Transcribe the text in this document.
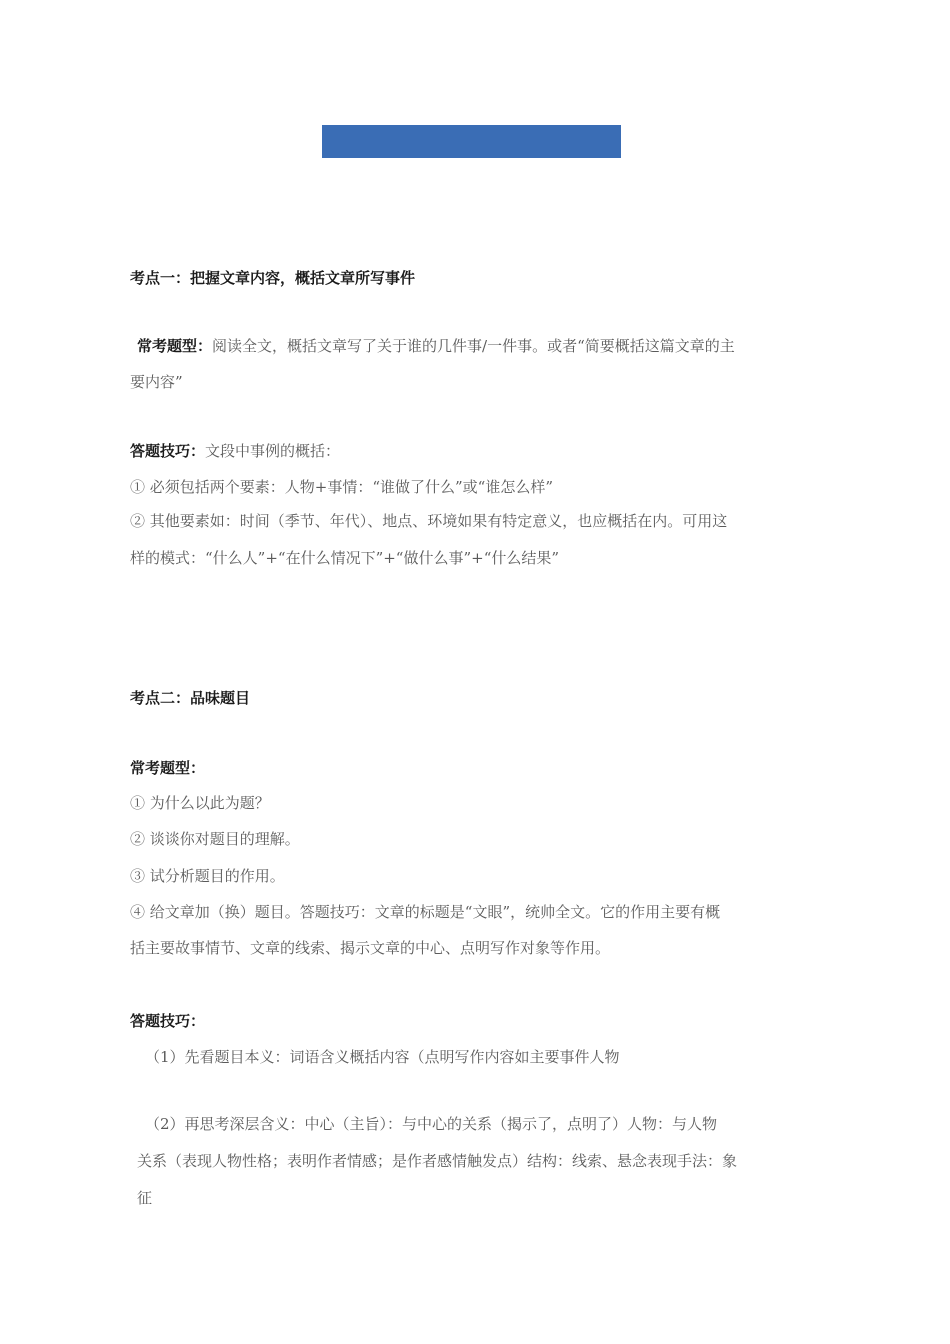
考点一：把握文章内容，概括文章所写事件
常考题型：阅读全文，概括文章写了关于谁的几件事/一件事。或者“简要概括这篇文章的主
要内容”
答题技巧：文段中事例的概括：
① 必须包括两个要素：人物+事情：“谁做了什么”或“谁怎么样”
② 其他要素如：时间（季节、年代）、地点、环境如果有特定意义，也应概括在内。可用这
样的模式：“什么人”+“在什么情况下”+“做什么事”+“什么结果”
考点二：品味题目
常考题型：
① 为什么以此为题？
② 谈谈你对题目的理解。
③ 试分析题目的作用。
④ 给文章加（换）题目。答题技巧：文章的标题是“文眼”，统帅全文。它的作用主要有概
括主要故事情节、文章的线索、揭示文章的中心、点明写作对象等作用。
答题技巧：
（1）先看题目本义：词语含义概括内容（点明写作内容如主要事件人物
（2）再思考深层含义：中心（主旨）：与中心的关系（揭示了，点明了）人物：与人物
关系（表现人物性格；表明作者情感；是作者感情触发点）结构：线索、悬念表现手法：象
征
